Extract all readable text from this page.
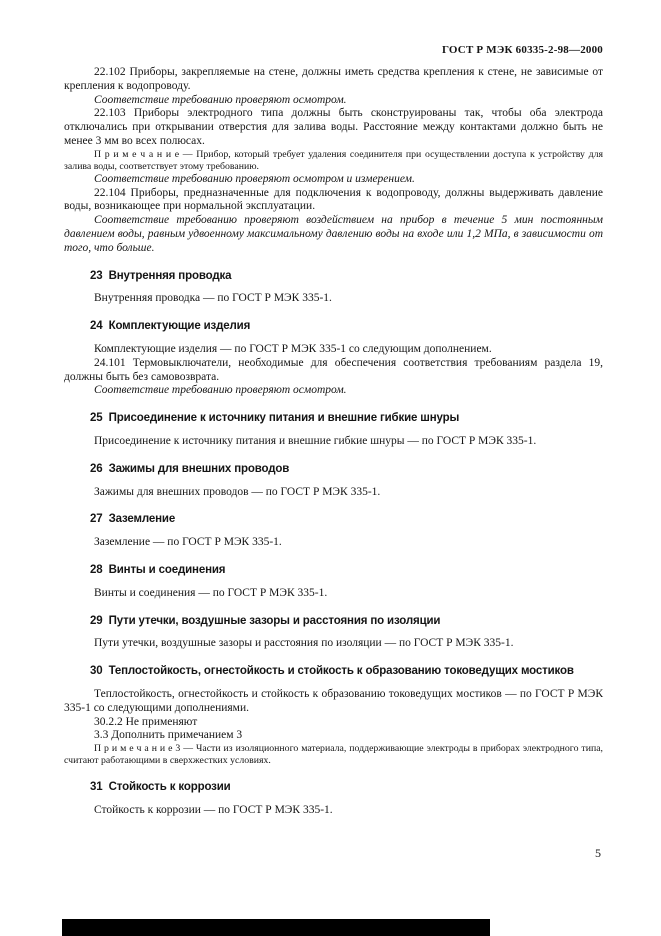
ГОСТ Р МЭК 60335-2-98—2000
22.102 Приборы, закрепляемые на стене, должны иметь средства крепления к стене, не зависимые от крепления к водопроводу.
Соответствие требованию проверяют осмотром.
22.103 Приборы электродного типа должны быть сконструированы так, чтобы оба электрода отключались при открывании отверстия для залива воды. Расстояние между контактами должно быть не менее 3 мм во всех полюсах.
П р и м е ч а н и е — Прибор, который требует удаления соединителя при осуществлении доступа к устройству для залива воды, соответствует этому требованию.
Соответствие требованию проверяют осмотром и измерением.
22.104 Приборы, предназначенные для подключения к водопроводу, должны выдерживать давление воды, возникающее при нормальной эксплуатации.
Соответствие требованию проверяют воздействием на прибор в течение 5 мин постоянным давлением воды, равным удвоенному максимальному давлению воды на входе или 1,2 МПа, в зависимости от того, что больше.
23  Внутренняя проводка
Внутренняя проводка — по ГОСТ Р МЭК 335-1.
24  Комплектующие изделия
Комплектующие изделия — по ГОСТ Р МЭК 335-1 со следующим дополнением.
24.101 Термовыключатели, необходимые для обеспечения соответствия требованиям раздела 19, должны быть без самовозврата.
Соответствие требованию проверяют осмотром.
25  Присоединение к источнику питания и внешние гибкие шнуры
Присоединение к источнику питания и внешние гибкие шнуры — по ГОСТ Р МЭК 335-1.
26  Зажимы для внешних проводов
Зажимы для внешних проводов — по ГОСТ Р МЭК 335-1.
27  Заземление
Заземление — по ГОСТ Р МЭК 335-1.
28  Винты и соединения
Винты и соединения — по ГОСТ Р МЭК 335-1.
29  Пути утечки, воздушные зазоры и расстояния по изоляции
Пути утечки, воздушные зазоры и расстояния по изоляции — по ГОСТ Р МЭК 335-1.
30  Теплостойкость, огнестойкость и стойкость к образованию токоведущих мостиков
Теплостойкость, огнестойкость и стойкость к образованию токоведущих мостиков — по ГОСТ Р МЭК 335-1 со следующими дополнениями.
30.2.2 Не применяют
3.3 Дополнить примечанием 3
П р и м е ч а н и е 3 — Части из изоляционного материала, поддерживающие электроды в приборах электродного типа, считают работающими в сверхжестких условиях.
31  Стойкость к коррозии
Стойкость к коррозии — по ГОСТ Р МЭК 335-1.
5
